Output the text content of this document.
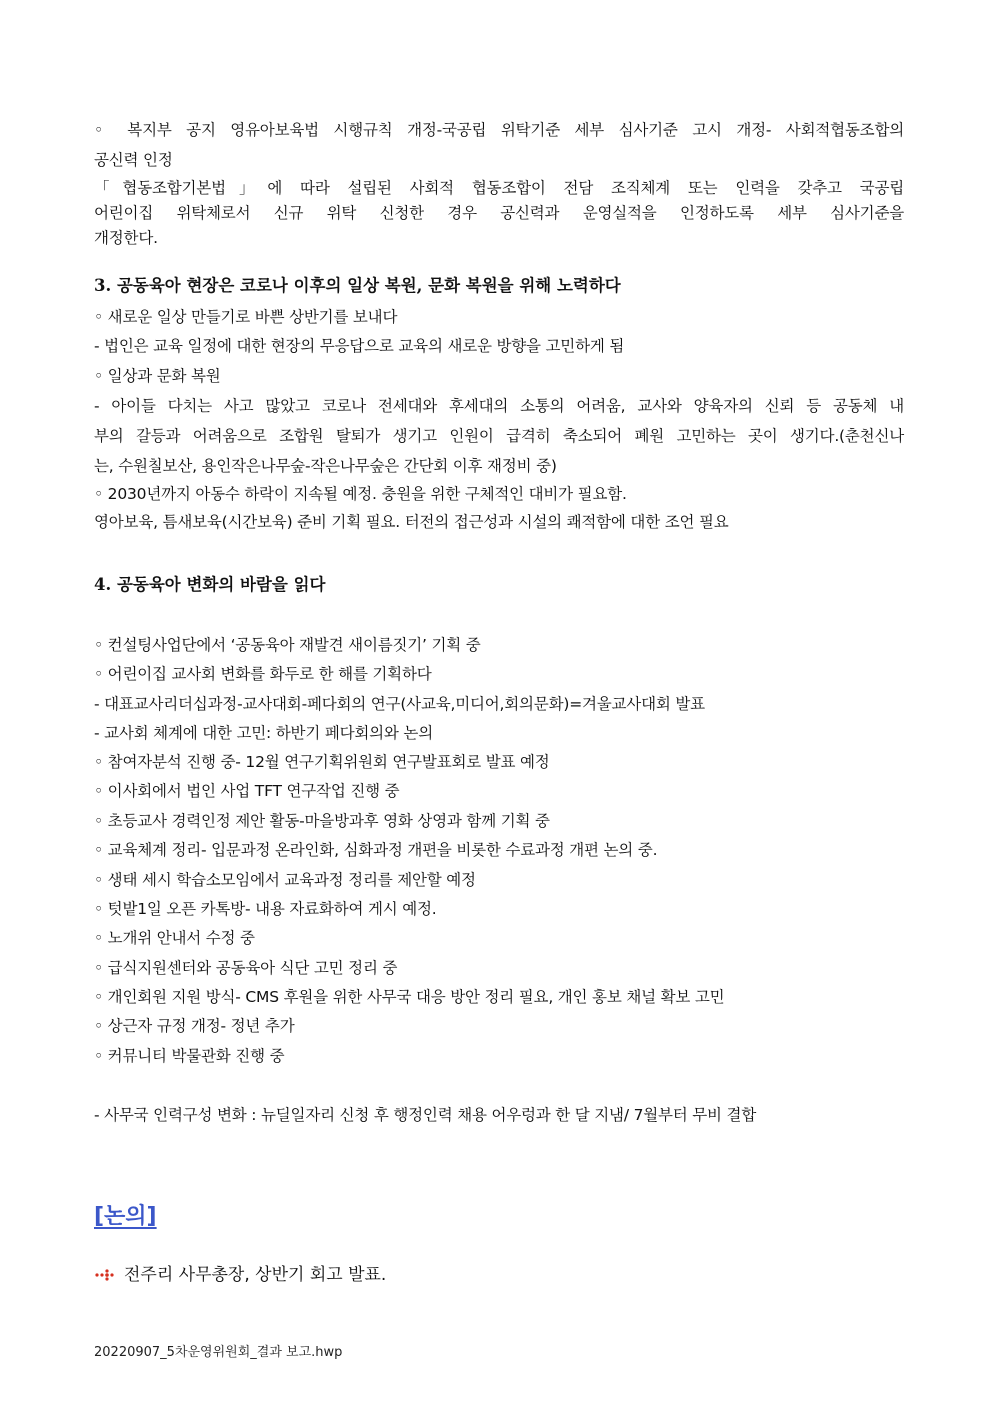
◦ 복지부 공지 영유아보육법 시행규칙 개정-국공립 위탁기준 세부 심사기준 고시 개정- 사회적협동조합의
공신력 인정
「협동조합기본법」에 따라 설립된 사회적 협동조합이 전담 조직체계 또는 인력을 갖추고 국공립
어린이집 위탁체로서 신규 위탁 신청한 경우 공신력과 운영실적을 인정하도록 세부 심사기준을
개정한다.
3. 공동육아 현장은 코로나 이후의 일상 복원, 문화 복원을 위해 노력하다
◦ 새로운 일상 만들기로 바쁜 상반기를 보내다
- 법인은 교육 일정에 대한 현장의 무응답으로 교육의 새로운 방향을 고민하게 됨
◦ 일상과 문화 복원
- 아이들 다치는 사고 많았고 코로나 전세대와 후세대의 소통의 어려움, 교사와 양육자의 신뢰 등 공동체 내
부의 갈등과 어려움으로 조합원 탈퇴가 생기고 인원이 급격히 축소되어 폐원 고민하는 곳이 생기다.(춘천신나
는, 수원칠보산, 용인작은나무숲-작은나무숲은 간단회 이후 재정비 중)
◦ 2030년까지 아동수 하락이 지속될 예정. 충원을 위한 구체적인 대비가 필요함.
영아보육, 틈새보육(시간보육) 준비 기획 필요. 터전의 접근성과 시설의 쾌적함에 대한 조언 필요
4. 공동육아 변화의 바람을 읽다
◦ 컨설팅사업단에서 ‘공동육아 재발견 새이름짓기’ 기획 중
◦ 어린이집 교사회 변화를 화두로 한 해를 기획하다
- 대표교사리더십과정-교사대회-페다회의 연구(사교육,미디어,회의문화)=겨울교사대회 발표
- 교사회 체계에 대한 고민: 하반기 페다회의와 논의
◦ 참여자분석 진행 중- 12월 연구기획위원회 연구발표회로 발표 예정
◦ 이사회에서 법인 사업 TFT 연구작업 진행 중
◦ 초등교사 경력인정 제안 활동-마을방과후 영화 상영과 함께 기획 중
◦ 교육체계 정리- 입문과정 온라인화, 심화과정 개편을 비롯한 수료과정 개편 논의 중.
◦ 생태 세시 학습소모임에서 교육과정 정리를 제안할 예정
◦ 텃밭1일 오픈 카톡방- 내용 자료화하여 게시 예정.
◦ 노개위 안내서 수정 중
◦ 급식지원센터와 공동육아 식단 고민 정리 중
◦ 개인회원 지원 방식- CMS 후원을 위한 사무국 대응 방안 정리 필요, 개인 홍보 채널 확보 고민
◦ 상근자 규정 개정- 정년 추가
◦ 커뮤니티 박물관화 진행 중
- 사무국 인력구성 변화 : 뉴딜일자리 신청 후 행정인력 채용 어우렁과 한 달 지냄/ 7월부터 무비 결합
[논의]
전주리 사무총장, 상반기 회고 발표.
20220907_5차운영위원회_결과 보고.hwp
